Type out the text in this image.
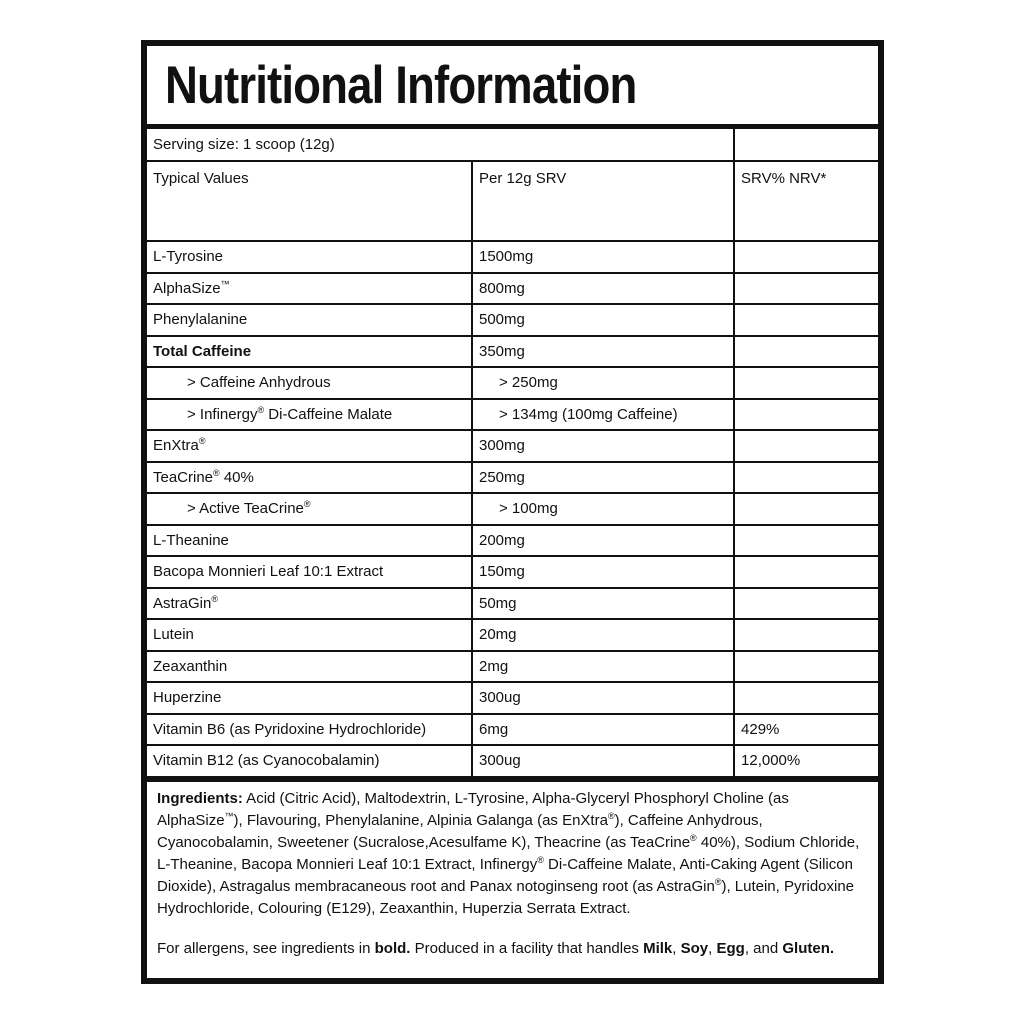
Nutritional Information
Serving size: 1 scoop (12g)		
Typical Values	Per 12g SRV	SRV% NRV*
L-Tyrosine	1500mg	
AlphaSize™	800mg	
Phenylalanine	500mg	
Total Caffeine	350mg	
> Caffeine Anhydrous	> 250mg	
> Infinergy® Di-Caffeine Malate	> 134mg (100mg Caffeine)	
EnXtra®	300mg	
TeaCrine® 40%	250mg	
> Active TeaCrine®	> 100mg	
L-Theanine	200mg	
Bacopa Monnieri Leaf 10:1 Extract	150mg	
AstraGin®	50mg	
Lutein	20mg	
Zeaxanthin	2mg	
Huperzine	300ug	
Vitamin B6 (as Pyridoxine Hydrochloride)	6mg	429%
Vitamin B12 (as Cyanocobalamin)	300ug	12,000%

Ingredients: Acid (Citric Acid), Maltodextrin, L-Tyrosine, Alpha-Glyceryl Phosphoryl Choline (as AlphaSize™), Flavouring, Phenylalanine, Alpinia Galanga (as EnXtra®), Caffeine Anhydrous, Cyanocobalamin, Sweetener (Sucralose,Acesulfame K), Theacrine (as TeaCrine® 40%), Sodium Chloride, L-Theanine, Bacopa Monnieri Leaf 10:1 Extract, Infinergy® Di-Caffeine Malate, Anti-Caking Agent (Silicon Dioxide), Astragalus membracaneous root and Panax notoginseng root (as AstraGin®), Lutein, Pyridoxine Hydrochloride, Colouring (E129), Zeaxanthin, Huperzia Serrata Extract.

For allergens, see ingredients in bold. Produced in a facility that handles Milk, Soy, Egg, and Gluten.
